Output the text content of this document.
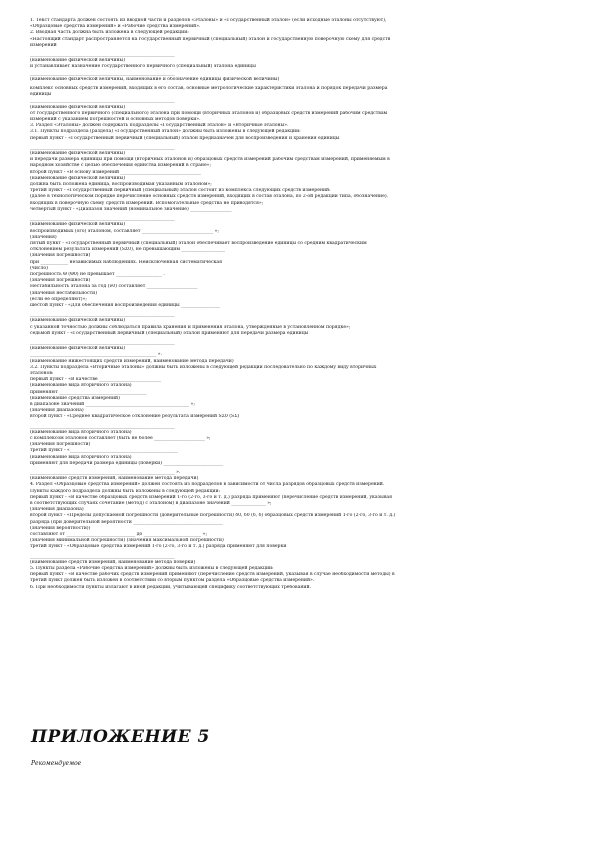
1. Текст стандарта должен состоять из вводной части и разделов «Эталоны» и «Государственный эталон» (если исходные эталоны отсутствуют),
«Образцовые средства измерений» и «Рабочие средства измерений».
2. Вводная часть должна быть изложена в следующей редакции:
«Настоящий стандарт распространяется на государственный первичный (специальный) эталон и государственную поверочную схему для средств
измерений
_______________________________________________________________
(наименование физической величины)
и устанавливает назначение государственного первичного (специальный) эталона единицы
_______________________________________________________________
(наименование физической величины, наименование и обозначение единицы физической величины)
комплекс основных средств измерений, входящих в его состав, основные метрологические характеристики эталона и порядок передачи размера
единицы
_______________________________________________________________
(наименование физической величины)
от государственного первичного (специального) эталона при помощи (вторичных эталонов и) образцовых средств измерений рабочим средствам
измерений с указанием погрешностей и основных методов поверки».
3. Раздел «Эталоны» должен содержать подразделы «Государственный эталон» и «Вторичные эталоны».
3.1. Пункты подраздела (раздела) «Государственный эталон» должны быть изложены в следующей редакции:
первый пункт - «Государственный первичный (специальный) эталон предназначен для воспроизведения и хранения единицы
_______________________________________________________________
(наименование физической величины)
и передачи размера единицы при помощи (вторичных эталонов и) образцовых средств измерений рабочим средствам измерений, применяемым в
народном хозяйстве с целью обеспечения единства измерений в стране»;
второй пункт - «В основу измерений ___________________________________
(наименование физической величины)
должна быть положена единица, воспроизводимая указанным эталоном»;
третий пункт - «Государственный первичный (специальный) эталон состоит из комплекса следующих средств измерений:
(далее в технологическом порядке перечисление основных средств измерений, входящих в состав эталона, по 2-ой редакции типа, обозначение),
входящих в поверочную схему средств измерений. Вспомогательные средства не приводятся»;
четвертый пункт - «Диапазон значений (номинальное значение) __________________
_______________________________________________________________
(наименование физической величины)
воспроизводимых (ого) эталоном, составляет _______________________________ »;
(значения)
пятый пункт - «Государственный первичный (специальный) эталон обеспечивает воспроизведение единицы со средним квадратическим
отклонением результата измерений (SΣ0), не превышающим ___________________
(значения погрешности)
при ____________ независимых наблюдениях. Неисключенная систематическая
(число)
погрешность Θ (Θ0) не превышает ____________________ .
(значения погрешности)
Нестабильность эталона за год (ν0) составляет ______________________
(значения нестабильности)
(если ее определяют)»;
шестой пункт - «Для обеспечения воспроизведения единицы _________________
_______________________________________________________________
(наименование физической величины)
с указанной точностью должны соблюдаться правила хранения и применения эталона, утвержденные в установленном порядке»;
седьмой пункт - «Государственный первичный (специальный) эталон применяют для передачи размера единицы
_______________________________________________________________
(наименование физической величины)
_______________________________________________________ ».
(наименование нижестоящих средств измерений, наименование метода передачи)
3.2. Пункты подраздела «Вторичные эталоны» должны быть изложены в следующей редакции последовательно по каждому виду вторичных
эталонов:
первый пункт - «В качестве ___________________________
(наименование вида вторичного эталона)
применяют ______________________________________
(наименование средства измерений)
в диапазоне значений _____________________________________________ »;
(значения диапазона)
второй пункт - «Среднее квадратическое отклонение результата измерений SΣ0 (SΣ)
_______________________________________________________________
(наименование вида вторичного эталона)
с комплексом эталонов составляет (быть не более ______________________ »;
(значения погрешности)
третий пункт - «_______________________________________________
(наименование вида вторичного эталона)
применяют для передачи размера единицы (поверки) __________________________
_______________________________________________________________ ».
(наименование средств измерений, наименование метода передачи)
4. Раздел «Образцовые средства измерений» должен состоять из подразделов в зависимости от числа разрядов образцовых средств измерений.
Пункты каждого подраздела должны быть изложены в следующей редакции:
первый пункт - «В качестве образцовых средств измерений 1-го (2-го, 3-го и т. д.) разряда применяют (перечисление средств измерений, указывая
в соответствующих случаях сочетание (метод) с эталоном) в диапазоне значений _______________ »;
(значения диапазона)
второй пункт - «Пределы допускаемой погрешности (доверительные погрешности) δ0, δ0 (δ, δ) образцовых средств измерений 1-го (2-го, 3-го и т. д.)
разряда (при доверительной вероятности _______________________________________
(значения вероятности))
составляют от ______________________________ до _________________________ »;
(значения минимальной погрешности) (значения максимальной погрешности)
третий пункт - «Образцовые средства измерений 1-го (2-го, 3-го и т. д.) разряда применяют для поверки
_______________________________________________________________
(наименование средств измерений, наименование метода поверки)
5. Пункты раздела «Рабочие средства измерений» должны быть изложены в следующей редакции:
первый пункт - «В качестве рабочих средств измерений применяют (перечисление средств измерений, указывая в случае необходимости методы) в
третий пункт должен быть изложен в соответствии со вторым пунктом раздела «Образцовые средства измерений».
6. При необходимости пункты излагают в иной редакции, учитывающей специфику соответствующих требований.
ПРИЛОЖЕНИЕ 5
Рекомендуемое
